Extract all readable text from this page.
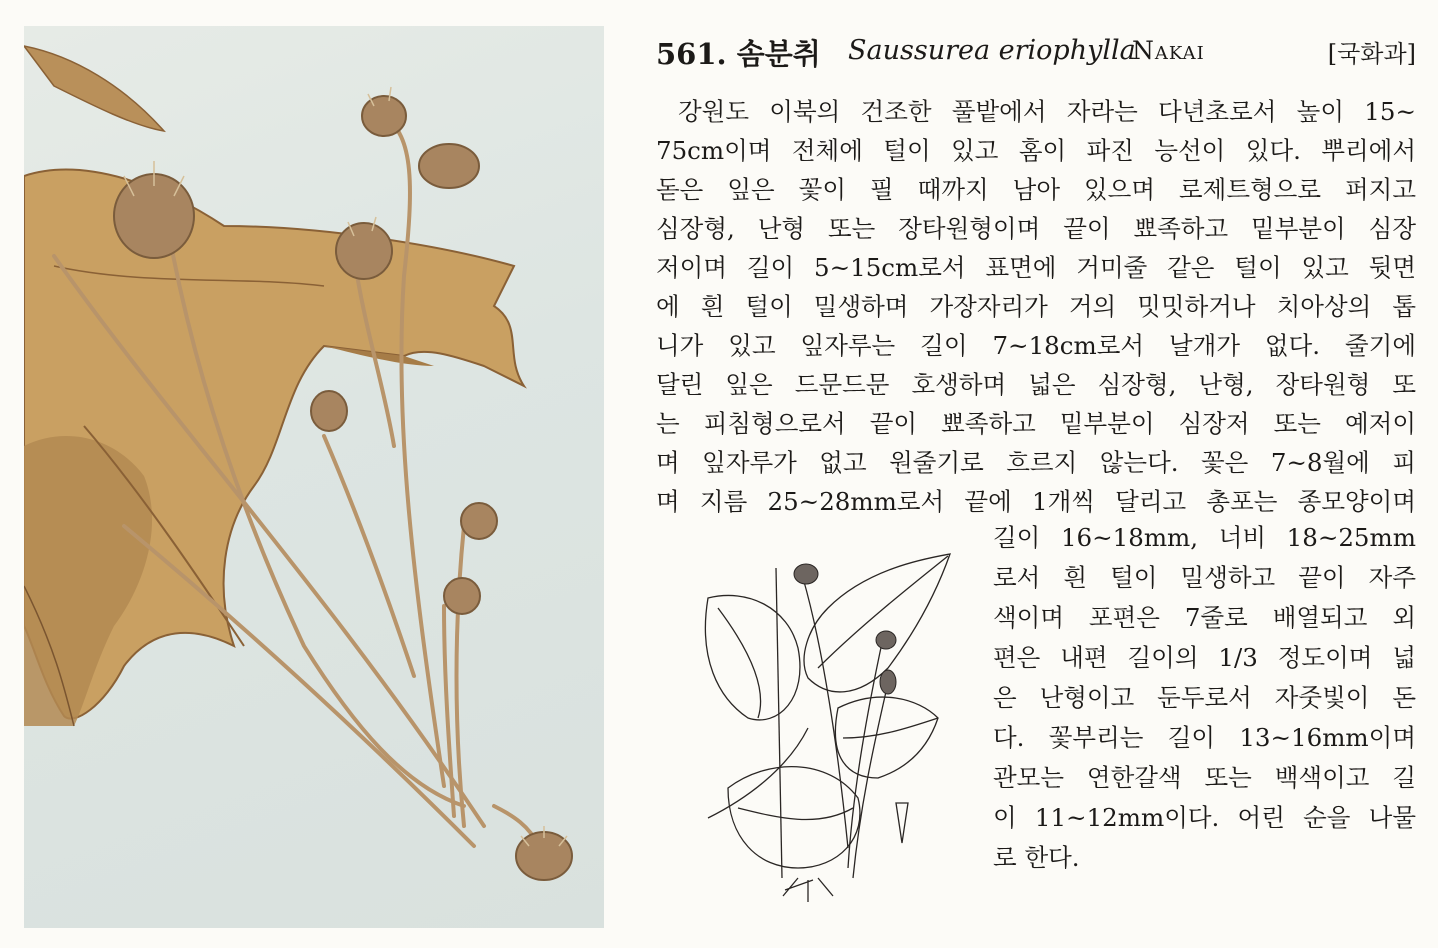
561. 솜분취 Saussurea eriophylla
Nakai	[국화과]
강원도 이북의 건조한 풀밭에서 자라는 다년초로서 높이 15~
75cm이며 전체에 털이 있고 홈이 파진 능선이 있다. 뿌리에서
돋은 잎은 꽃이 필 때까지 남아 있으며 로제트형으로 퍼지고
심장형, 난형 또는 장타원형이며 끝이 뾰족하고 밑부분이 심장
저이며 길이 5~15cm로서 표면에 거미줄 같은 털이 있고 뒷면
에 흰 털이 밀생하며 가장자리가 거의 밋밋하거나 치아상의 톱
니가 있고 잎자루는 길이 7~18cm로서 날개가 없다. 줄기에
달린 잎은 드문드문 호생하며 넓은 심장형, 난형, 장타원형 또
는 피침형으로서 끝이 뾰족하고 밑부분이 심장저 또는 예저이
며 잎자루가 없고 원줄기로 흐르지 않는다. 꽃은 7~8월에 피
며 지름 25~28mm로서 끝에 1개씩 달리고 총포는 종모양이며
길이 16~18mm, 너비 18~25mm
로서 흰 털이 밀생하고 끝이 자주
색이며 포편은 7줄로 배열되고 외
편은 내편 길이의 1/3 정도이며 넓
은 난형이고 둔두로서 자줏빛이 돈
다. 꽃부리는 길이 13~16mm이며
관모는 연한갈색 또는 백색이고 길
이 11~12mm이다. 어린 순을 나물
로 한다.
